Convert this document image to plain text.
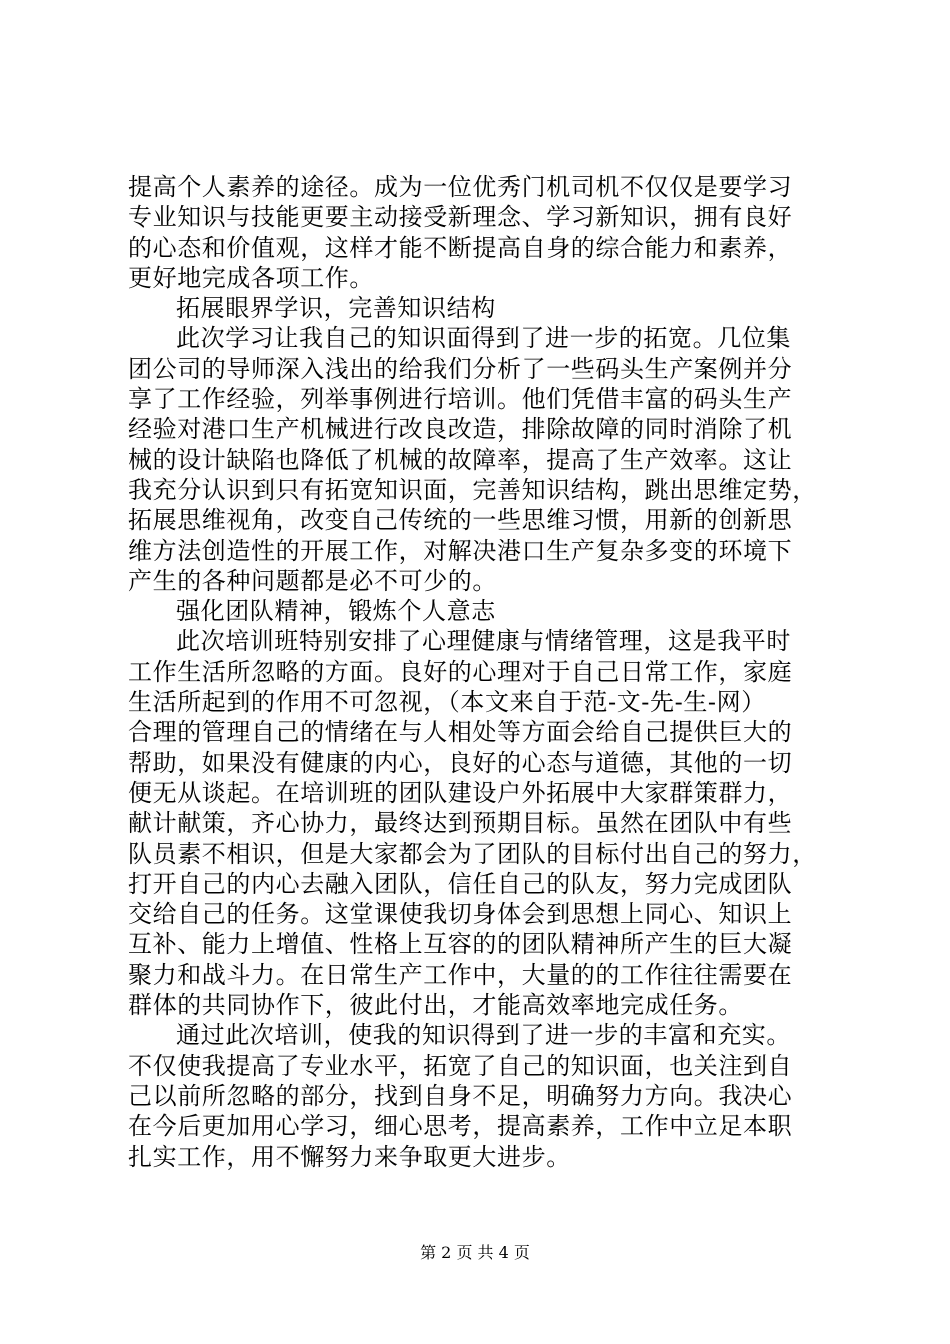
提高个人素养的途径。成为一位优秀门机司机不仅仅是要学习
专业知识与技能更要主动接受新理念、学习新知识，拥有良好
的心态和价值观，这样才能不断提高自身的综合能力和素养，
更好地完成各项工作。
拓展眼界学识，完善知识结构
此次学习让我自己的知识面得到了进一步的拓宽。几位集
团公司的导师深入浅出的给我们分析了一些码头生产案例并分
享了工作经验，列举事例进行培训。他们凭借丰富的码头生产
经验对港口生产机械进行改良改造，排除故障的同时消除了机
械的设计缺陷也降低了机械的故障率，提高了生产效率。这让
我充分认识到只有拓宽知识面，完善知识结构，跳出思维定势，
拓展思维视角，改变自己传统的一些思维习惯，用新的创新思
维方法创造性的开展工作，对解决港口生产复杂多变的环境下
产生的各种问题都是必不可少的。
强化团队精神，锻炼个人意志
此次培训班特别安排了心理健康与情绪管理，这是我平时
工作生活所忽略的方面。良好的心理对于自己日常工作，家庭
生活所起到的作用不可忽视，（本文来自于范-文-先-生-网）
合理的管理自己的情绪在与人相处等方面会给自己提供巨大的
帮助，如果没有健康的内心，良好的心态与道德，其他的一切
便无从谈起。在培训班的团队建设户外拓展中大家群策群力，
献计献策，齐心协力，最终达到预期目标。虽然在团队中有些
队员素不相识，但是大家都会为了团队的目标付出自己的努力，
打开自己的内心去融入团队，信任自己的队友，努力完成团队
交给自己的任务。这堂课使我切身体会到思想上同心、知识上
互补、能力上增值、性格上互容的的团队精神所产生的巨大凝
聚力和战斗力。在日常生产工作中，大量的的工作往往需要在
群体的共同协作下，彼此付出，才能高效率地完成任务。
通过此次培训，使我的知识得到了进一步的丰富和充实。
不仅使我提高了专业水平，拓宽了自己的知识面，也关注到自
己以前所忽略的部分，找到自身不足，明确努力方向。我决心
在今后更加用心学习，细心思考，提高素养，工作中立足本职
扎实工作，用不懈努力来争取更大进步。
第 2 页 共 4 页
